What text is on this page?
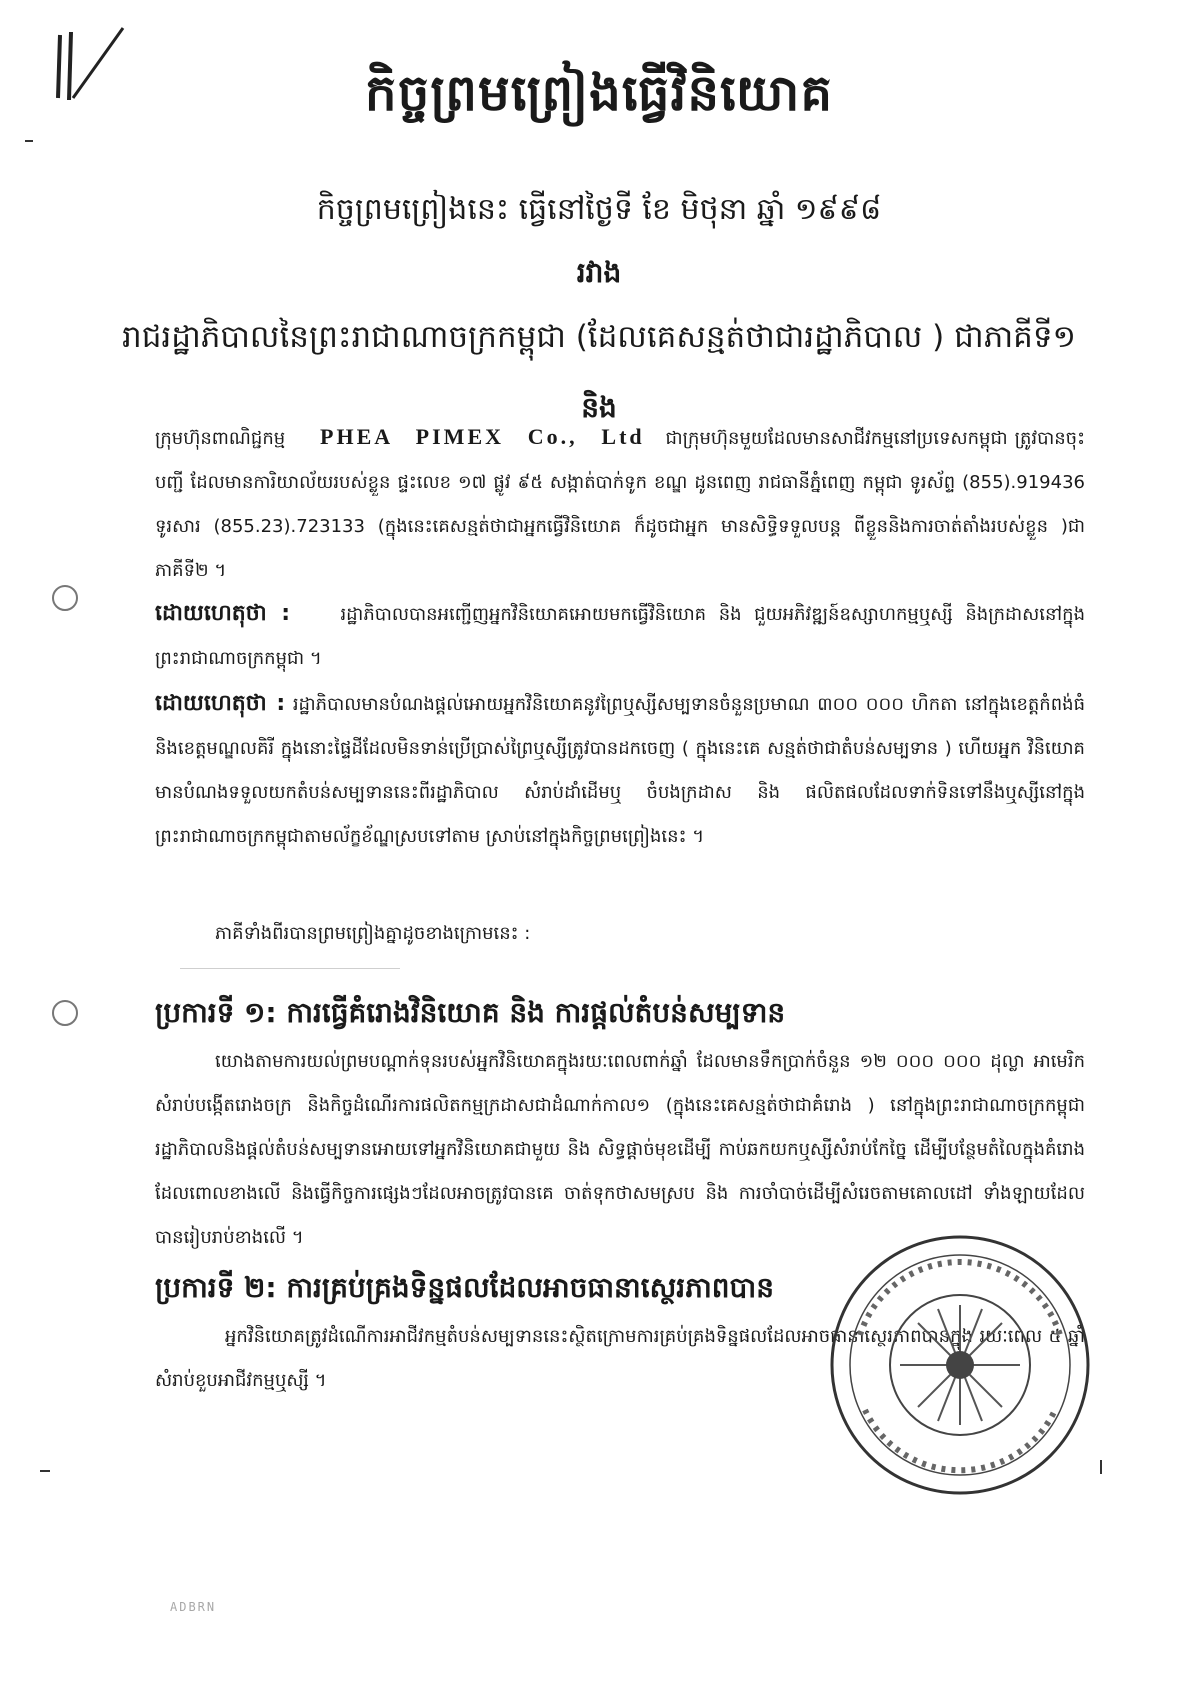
កិច្ចព្រមព្រៀងធ្វើវិនិយោគ
កិច្ចព្រមព្រៀងនេះ ធ្វើនៅថ្ងៃទី ខែ មិថុនា ឆ្នាំ ១៩៩៨
រវាង
រាជរដ្ឋាភិបាលនៃព្រះរាជាណាចក្រកម្ពុជា (ដែលគេសន្មត់ថាជារដ្ឋាភិបាល ) ជាភាគីទី១
និង
ក្រុមហ៊ុនពាណិជ្ជកម្ម PHEA PIMEX Co., Ltd ជាក្រុមហ៊ុនមួយដែលមានសាជីវកម្មនៅប្រទេសកម្ពុជា ត្រូវបានចុះបញ្ជី ដែលមានការិយាល័យរបស់ខ្លួន ផ្ទះលេខ ១៧ ផ្លូវ ៩៥ សង្កាត់បាក់ទូក ខណ្ឌ ដូនពេញ រាជធានីភ្នំពេញ កម្ពុជា ទូរស័ព្ទ (855).919436 ទូរសារ (855.23).723133 (ក្នុងនេះគេសន្មត់ថាជាអ្នកធ្វើវិនិយោគ ក៏ដូចជាអ្នក មានសិទ្ធិទទួលបន្ត ពីខ្លួននិងការចាត់តាំងរបស់ខ្លួន )ជាភាគីទី២ ។
ដោយហេតុថា :	រដ្ឋាភិបាលបានអញ្ជើញអ្នកវិនិយោគអោយមកធ្វើវិនិយោគ និង ជួយអភិវឌ្ឍន៍ឧស្សាហកម្មឬស្សី និងក្រដាសនៅក្នុងព្រះរាជាណាចក្រកម្ពុជា ។
ដោយហេតុថា : រដ្ឋាភិបាលមានបំណងផ្តល់អោយអ្នកវិនិយោគនូវព្រៃឬស្សីសម្បទានចំនួនប្រមាណ ៣០០ ០០០ ហិកតា នៅក្នុងខេត្តកំពង់ធំនិងខេត្តមណ្ឌលគិរី ក្នុងនោះផ្ទៃដីដែលមិនទាន់ប្រើប្រាស់ព្រៃឬស្សីត្រូវបានដកចេញ ( ក្នុងនេះគេ សន្មត់ថាជាតំបន់សម្បទាន ) ហើយអ្នក វិនិយោគមានបំណងទទួលយកតំបន់សម្បទាននេះពីរដ្ឋាភិបាល សំរាប់ដាំដើមឬ ចំបងក្រដាស និង ផលិតផលដែលទាក់ទិនទៅនឹងឬស្សីនៅក្នុងព្រះរាជាណាចក្រកម្ពុជាតាមល័ក្ខខ័ណ្ឌស្របទៅតាម ស្រាប់នៅក្នុងកិច្ចព្រមព្រៀងនេះ ។
ភាគីទាំងពីរបានព្រមព្រៀងគ្នាដូចខាងក្រោមនេះ :
ប្រការទី ១: ការធ្វើគំរោងវិនិយោគ និង ការផ្តល់តំបន់សម្បទាន
យោងតាមការយល់ព្រមបណ្តាក់ទុនរបស់អ្នកវិនិយោគក្នុងរយៈពេលពាក់ឆ្នាំ ដែលមានទឹកប្រាក់ចំនួន ១២ ០០០ ០០០ ដុល្លា អាមេរិក សំរាប់បង្កើតរោងចក្រ និងកិច្ចដំណើរការផលិតកម្មក្រដាសជាដំណាក់កាល១ (ក្នុងនេះគេសន្មត់ថាជាគំរោង ) នៅក្នុងព្រះរាជាណាចក្រកម្ពុជា រដ្ឋាភិបាលនិងផ្តល់តំបន់សម្បទានអោយទៅអ្នកវិនិយោគជាមួយ និង សិទ្ធផ្តាច់មុខដើម្បី កាប់ឆកយកឬស្សីសំរាប់កែច្នៃ ដើម្បីបន្ថែមតំលៃក្នុងគំរោងដែលពោលខាងលើ និងធ្វើកិច្ចការផ្សេងៗដែលអាចត្រូវបានគេ ចាត់ទុកថាសមស្រប និង ការចាំបាច់ដើម្បីសំរេចតាមគោលដៅ ទាំងឡាយដែលបានរៀបរាប់ខាងលើ ។
ប្រការទី ២: ការគ្រប់គ្រងទិន្នផលដែលអាចធានាស្ថេរភាពបាន
អ្នកវិនិយោគត្រូវដំណើការអាជីវកម្មតំបន់សម្បទាននេះស្ថិតក្រោមការគ្រប់គ្រងទិន្នផលដែលអាចធានាស្ថេរភាពបានក្នុង រយៈពេល ៥ ឆ្នាំ សំរាប់ខួបអាជីវកម្មឬស្សី ។
ADBRN
